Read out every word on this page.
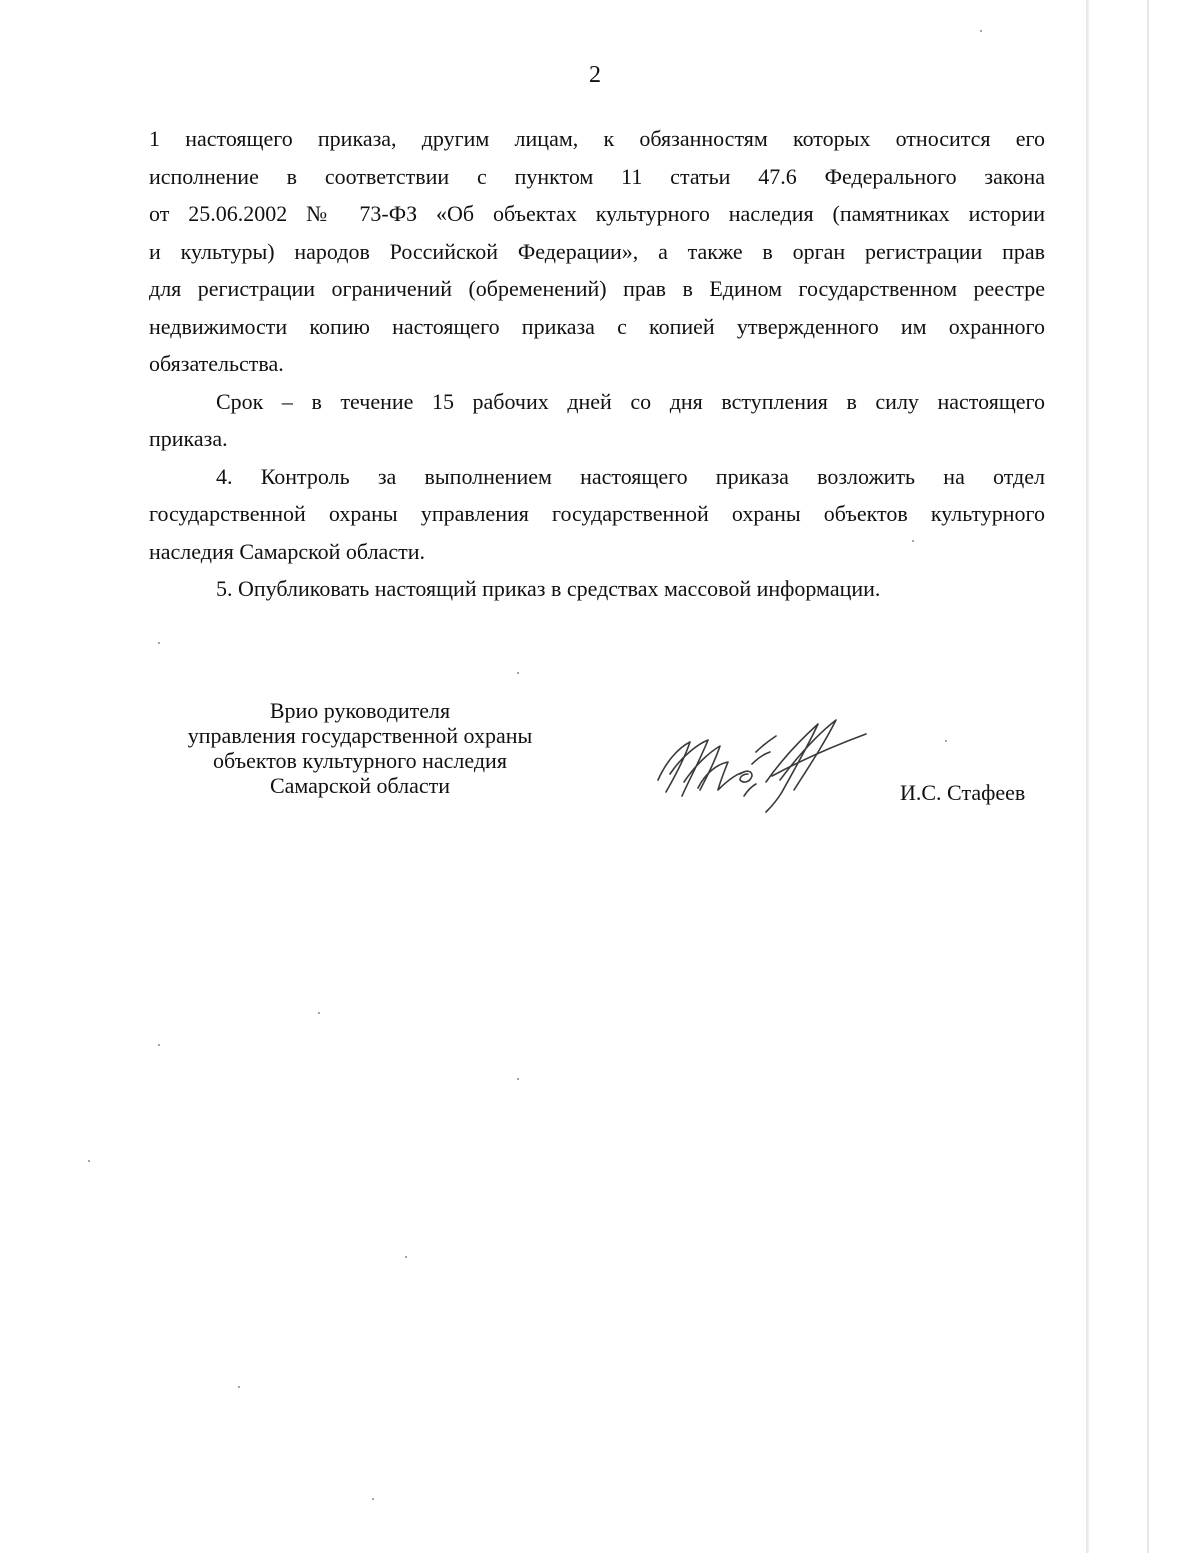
2

1 настоящего приказа, другим лицам, к обязанностям которых относится его
исполнение в соответствии с пунктом 11 статьи 47.6 Федерального закона
от 25.06.2002 № 73-ФЗ «Об объектах культурного наследия (памятниках истории
и культуры) народов Российской Федерации», а также в орган регистрации прав
для регистрации ограничений (обременений) прав в Едином государственном реестре
недвижимости копию настоящего приказа с копией утвержденного им охранного
обязательства.

Срок – в течение 15 рабочих дней со дня вступления в силу настоящего
приказа.

4. Контроль за выполнением настоящего приказа возложить на отдел
государственной охраны управления государственной охраны объектов культурного
наследия Самарской области.

5. Опубликовать настоящий приказ в средствах массовой информации.

Врио руководителя
управления государственной охраны
объектов культурного наследия
Самарской области	И.С. Стафеев
